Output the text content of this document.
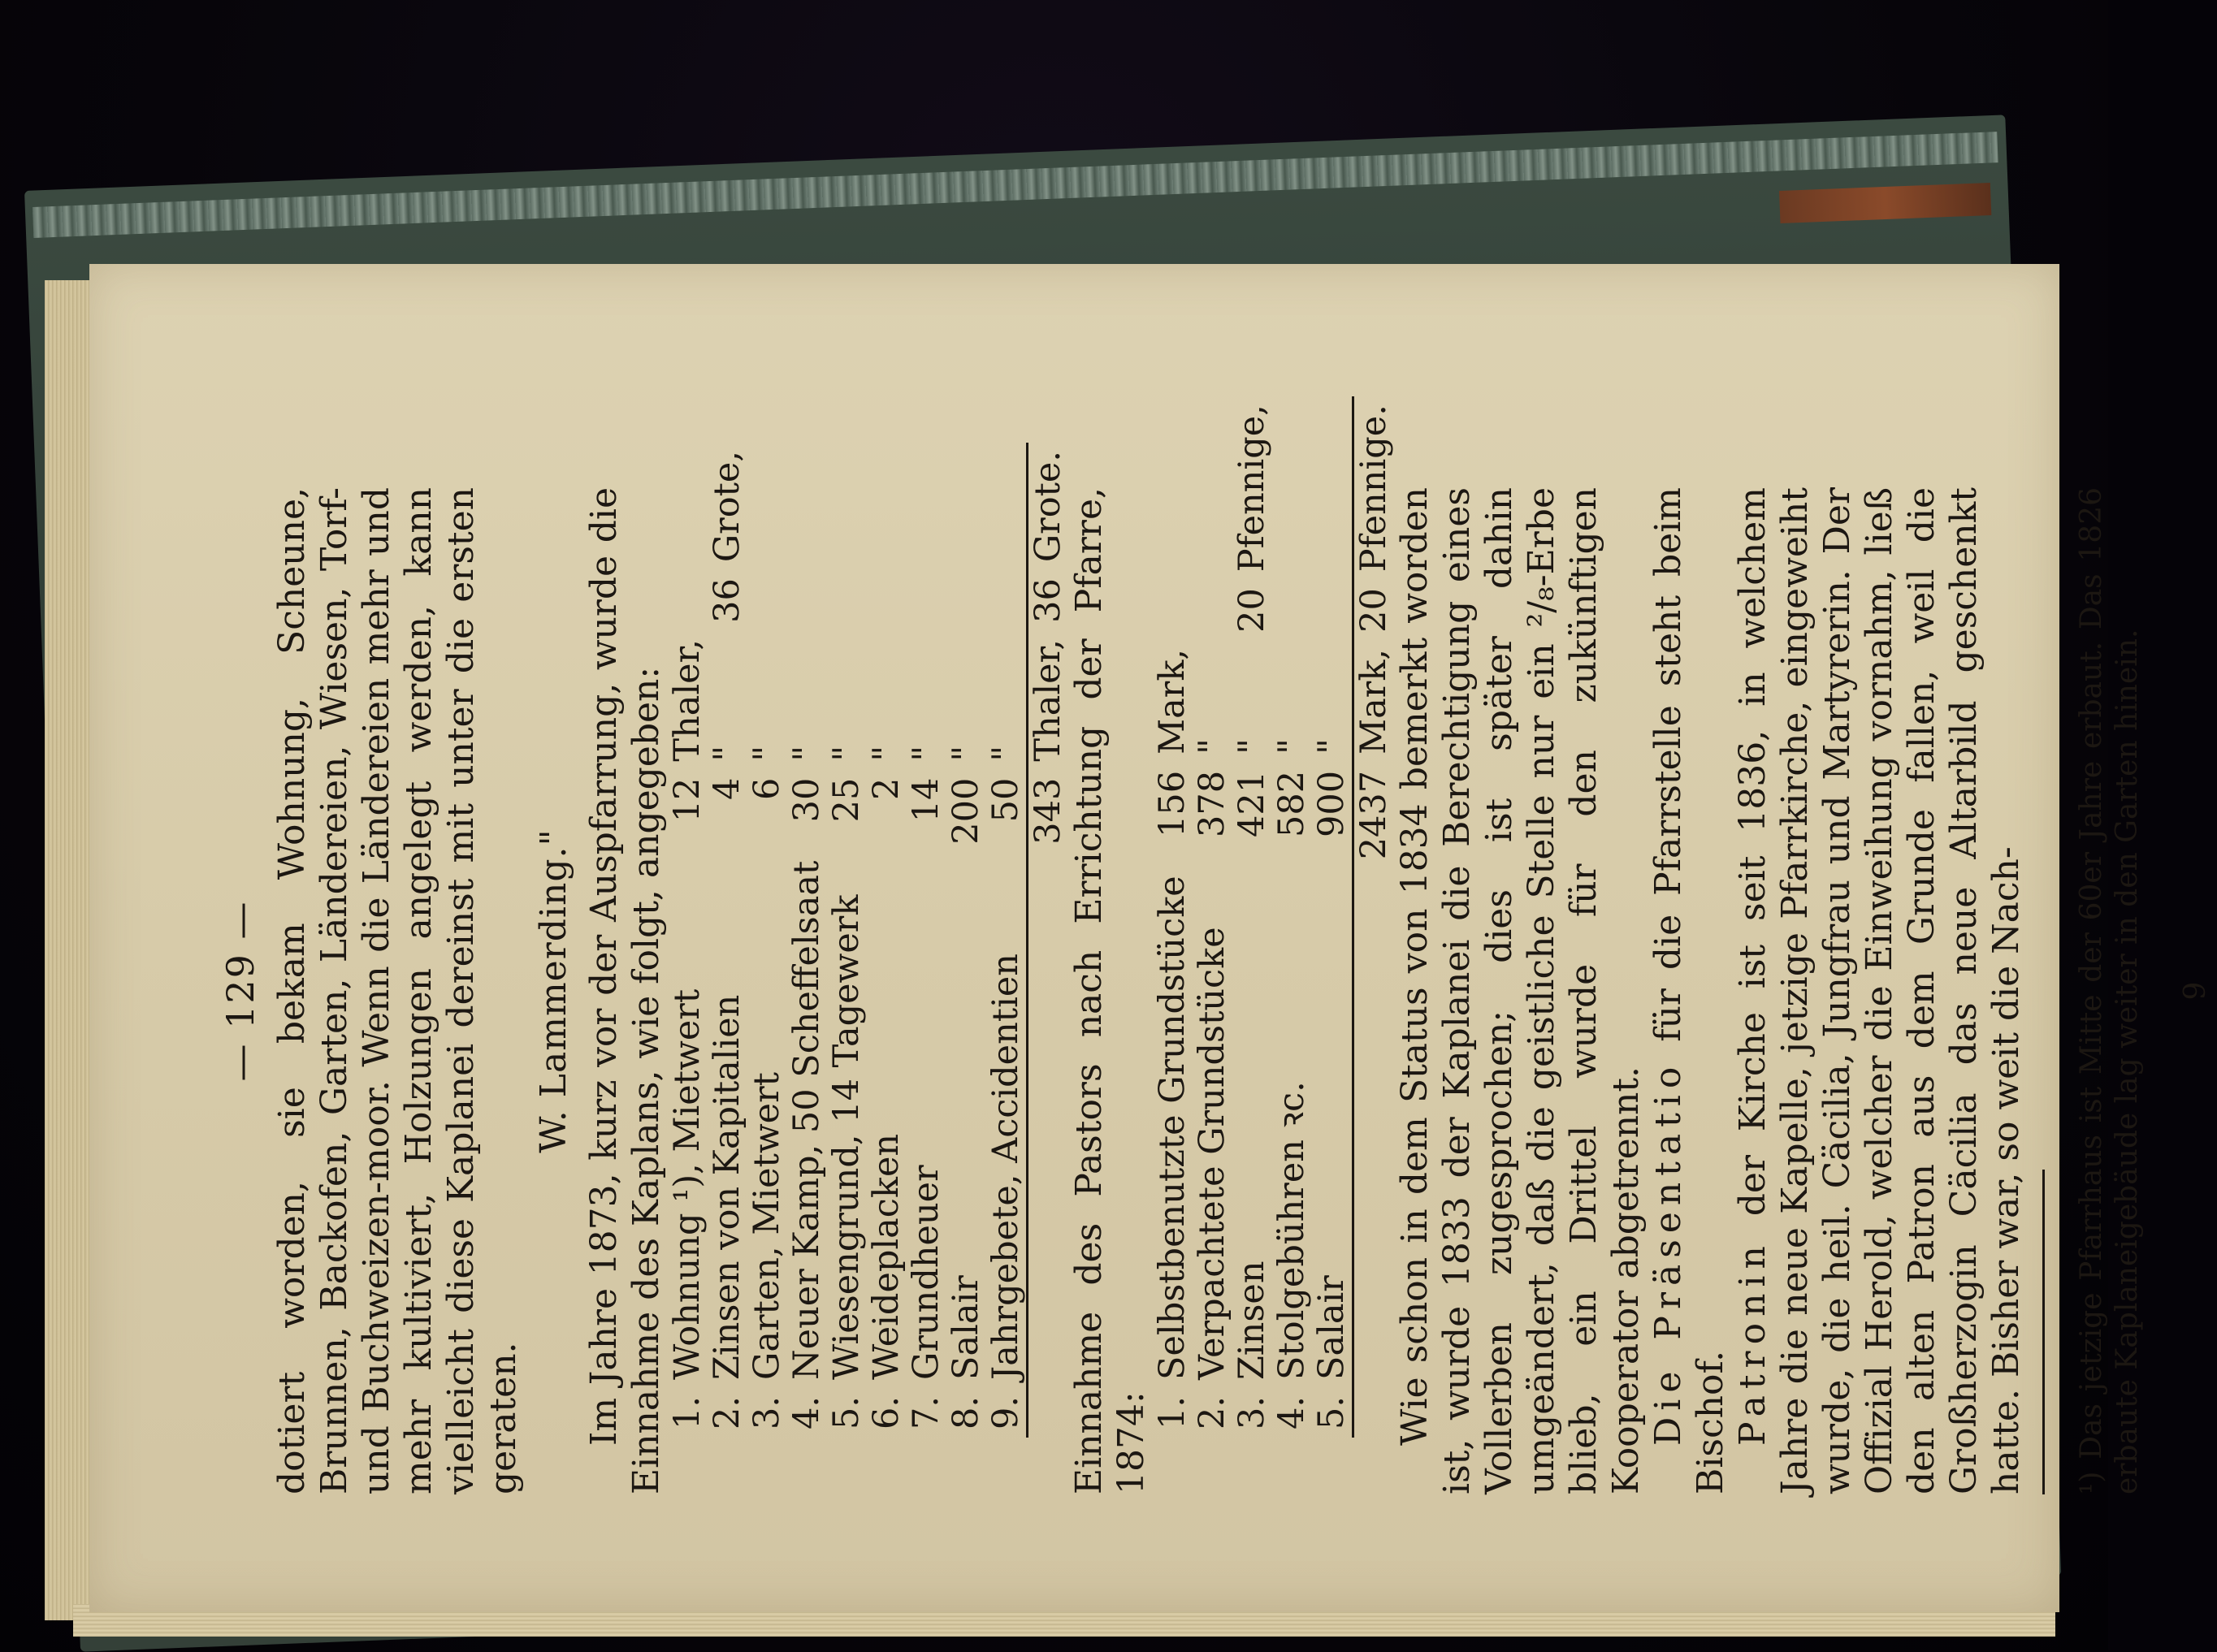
— 129 — dotiert worden, sie bekam Wohnung, Scheune, Brunnen, Backofen, Garten, Ländereien, Wiesen, Torf- und Buchweizen-moor. Wenn die Ländereien mehr und mehr kultiviert, Holzungen angelegt werden, kann vielleicht diese Kaplanei dereinst mit unter die ersten geraten.

W. Lammerding." Im Jahre 1873, kurz vor der Auspfarrung, wurde die Einnahme des Kaplans, wie folgt, angegeben: 1.	Wohnung ¹), Mietwert	12	Thaler,		
2.	Zinsen von Kapitalien	4	"	36	Grote,
3.	Garten, Mietwert	6	"		
4.	Neuer Kamp, 50 Scheffelsaat	30	"		
5.	Wiesengrund, 14 Tagewerk	25	"		
6.	Weideplacken	2	"		
7.	Grundheuer	14	"		
8.	Salair	200	"		
9.	Jahrgebete, Accidentien	50	"		
		343	Thaler,	36	Grote. Einnahme des Pastors nach Errichtung der Pfarre, 1874: 1.	Selbstbenutzte Grundstücke	156	Mark,		
2.	Verpachtete Grundstücke	378	"		
3.	Zinsen	421	"	20	Pfennige,
4.	Stolgebühren ꝛc.	582	"		
5.	Salair	900	"		
		2437	Mark,	20	Pfennige. Wie schon in dem Status von 1834 bemerkt worden ist, wurde 1833 der Kaplanei die Berechtigung eines Vollerben zugesprochen; dies ist später dahin umgeändert, daß die geistliche Stelle nur ein ²/₈-Erbe blieb, ein Drittel wurde für den zukünftigen Kooperator abgetrennt. Die Präsentatio für die Pfarrstelle steht beim Bischof. Patronin der Kirche ist seit 1836, in welchem Jahre die neue Kapelle, jetzige Pfarrkirche, eingeweiht wurde, die heil. Cäcilia, Jungfrau und Martyrerin. Der Offizial Herold, welcher die Einweihung vornahm, ließ den alten Patron aus dem Grunde fallen, weil die Großherzogin Cäcilia das neue Altarbild geschenkt hatte. Bisher war, so weit die Nach- ¹) Das jetzige Pfarrhaus ist Mitte der 60er Jahre erbaut. Das 1826 erbaute Kaplaneigebäude lag weiter in den Garten hinein. 9
